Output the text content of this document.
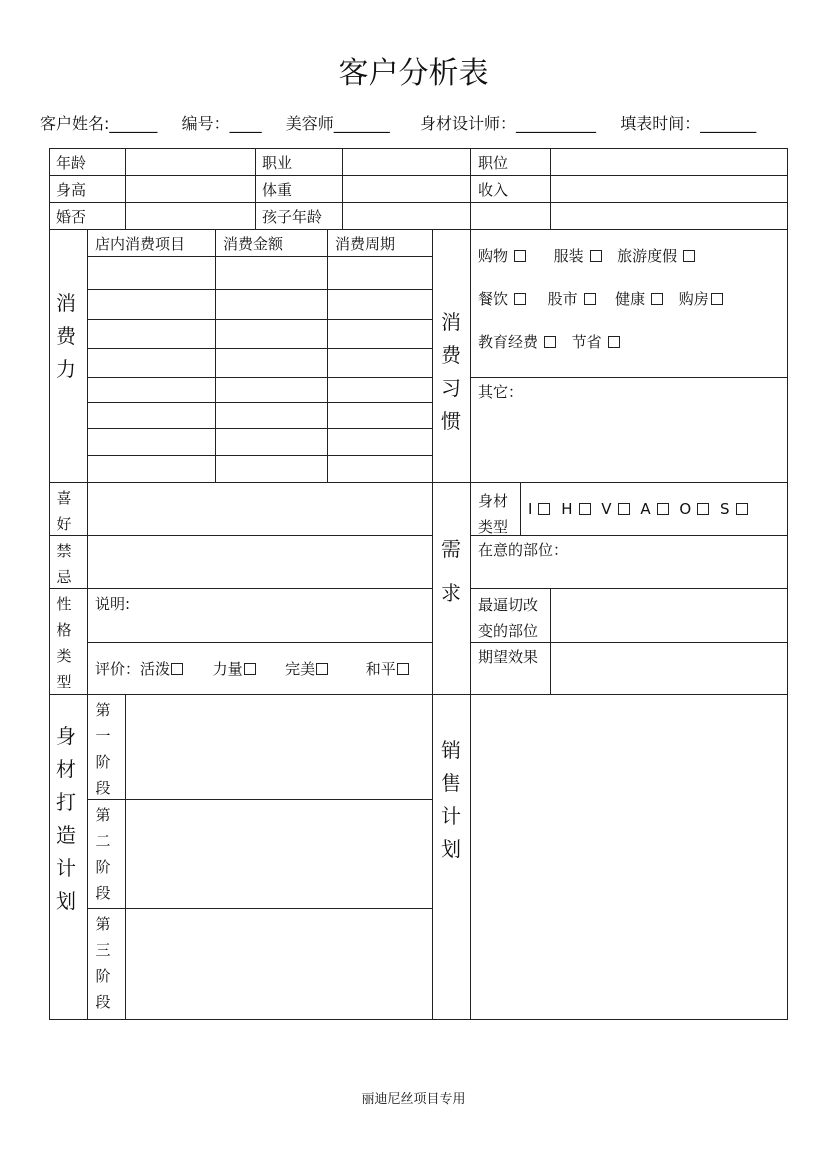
客户分析表
客户姓名:______ 编号：____ 美容师_______ 身材设计师：__________ 填表时间：_______
年龄	职业	职位
身高	体重	收入
婚否	孩子年龄
消
费
力
店内消费项目	消费金额	消费周期
消
费
习
惯
购物	服装 旅游度假
餐饮	股市	健康 购房
教育经费 节省
其它：
喜
好
禁
忌
性
格
类
型
说明:
评价：活泼	力量	完美	和平
需
求
身材
类型
I H V A O S
在意的部位：
最逼切改
变的部位
期望效果
身
材
打
造
计
划
第
一
阶
段
第
二
阶
段
第
三
阶
段
销
售
计
划
丽迪尼丝项目专用
